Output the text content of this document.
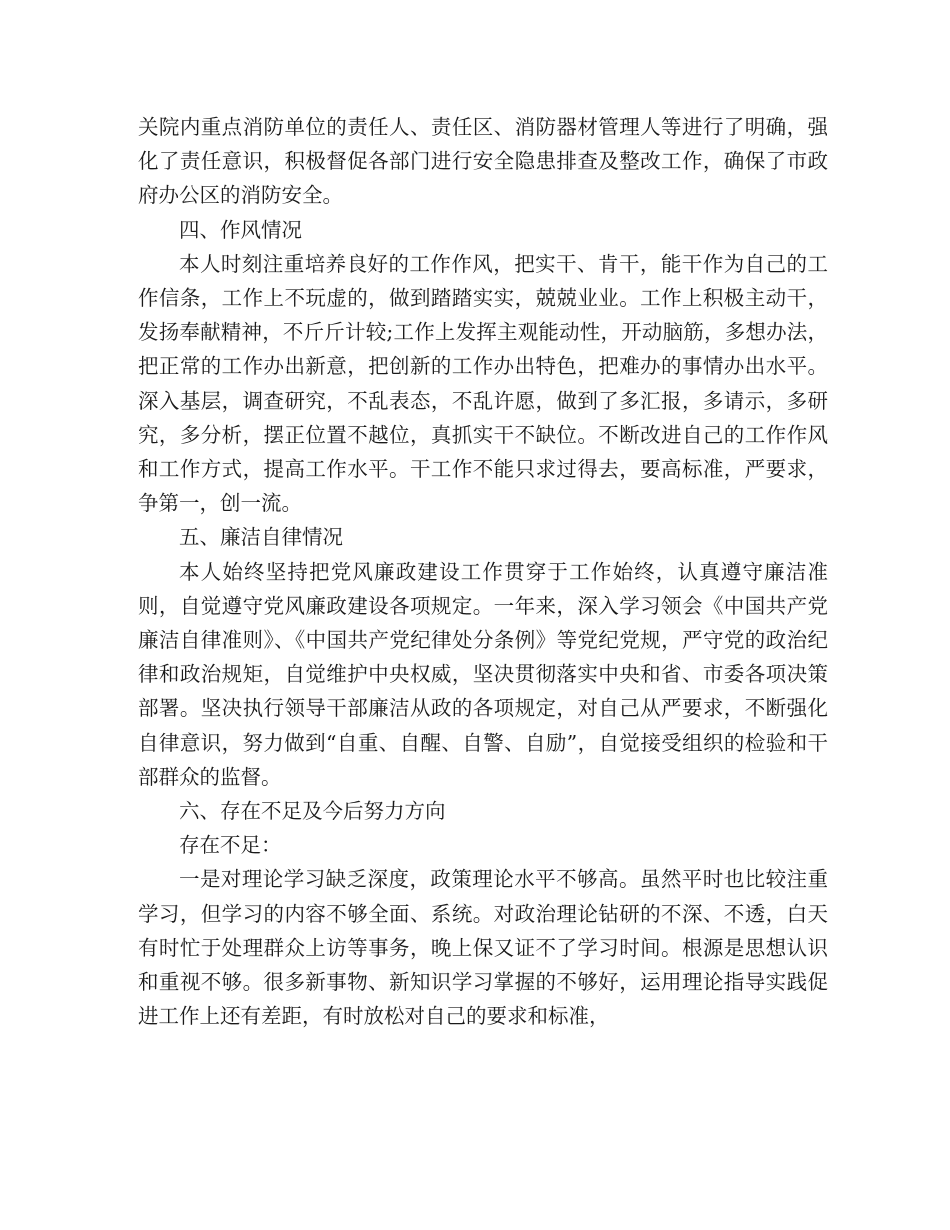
关院内重点消防单位的责任人、责任区、消防器材管理人等进行了明确，强化了责任意识，积极督促各部门进行安全隐患排查及整改工作，确保了市政府办公区的消防安全。

四、作风情况

本人时刻注重培养良好的工作作风，把实干、肯干，能干作为自己的工作信条，工作上不玩虚的，做到踏踏实实，兢兢业业。工作上积极主动干，发扬奉献精神，不斤斤计较;工作上发挥主观能动性，开动脑筋，多想办法，把正常的工作办出新意，把创新的工作办出特色，把难办的事情办出水平。深入基层，调查研究，不乱表态，不乱许愿，做到了多汇报，多请示，多研究，多分析，摆正位置不越位，真抓实干不缺位。不断改进自己的工作作风和工作方式，提高工作水平。干工作不能只求过得去，要高标准，严要求，争第一，创一流。

五、廉洁自律情况

本人始终坚持把党风廉政建设工作贯穿于工作始终，认真遵守廉洁准则，自觉遵守党风廉政建设各项规定。一年来，深入学习领会《中国共产党廉洁自律准则》、《中国共产党纪律处分条例》等党纪党规，严守党的政治纪律和政治规矩，自觉维护中央权威，坚决贯彻落实中央和省、市委各项决策部署。坚决执行领导干部廉洁从政的各项规定，对自己从严要求，不断强化自律意识，努力做到“自重、自醒、自警、自励”，自觉接受组织的检验和干部群众的监督。

六、存在不足及今后努力方向

存在不足：

一是对理论学习缺乏深度，政策理论水平不够高。虽然平时也比较注重学习，但学习的内容不够全面、系统。对政治理论钻研的不深、不透，白天有时忙于处理群众上访等事务，晚上保又证不了学习时间。根源是思想认识和重视不够。很多新事物、新知识学习掌握的不够好，运用理论指导实践促进工作上还有差距，有时放松对自己的要求和标准，
